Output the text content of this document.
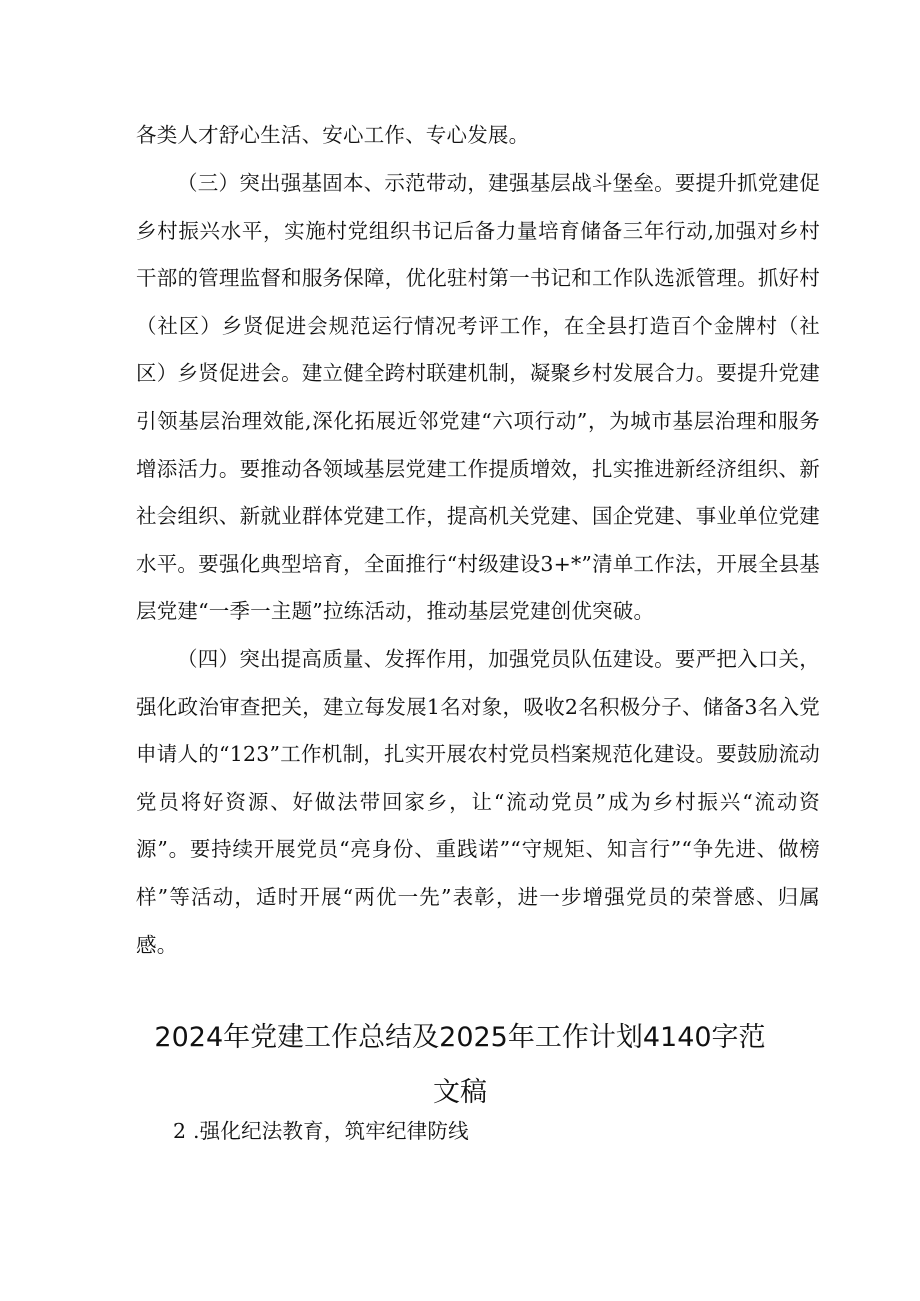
各类人才舒心生活、安心工作、专心发展。

（三）突出强基固本、示范带动，建强基层战斗堡垒。要提升抓党建促乡村振兴水平，实施村党组织书记后备力量培育储备三年行动,加强对乡村干部的管理监督和服务保障，优化驻村第一书记和工作队选派管理。抓好村（社区）乡贤促进会规范运行情况考评工作，在全县打造百个金牌村（社区）乡贤促进会。建立健全跨村联建机制，凝聚乡村发展合力。要提升党建引领基层治理效能,深化拓展近邻党建“六项行动”，为城市基层治理和服务增添活力。要推动各领域基层党建工作提质增效，扎实推进新经济组织、新社会组织、新就业群体党建工作，提高机关党建、国企党建、事业单位党建水平。要强化典型培育，全面推行“村级建设3+*”清单工作法，开展全县基层党建“一季一主题”拉练活动，推动基层党建创优突破。

（四）突出提高质量、发挥作用，加强党员队伍建设。要严把入口关，强化政治审查把关，建立每发展1名对象，吸收2名积极分子、储备3名入党申请人的“123”工作机制，扎实开展农村党员档案规范化建设。要鼓励流动党员将好资源、好做法带回家乡，让“流动党员”成为乡村振兴“流动资源”。要持续开展党员“亮身份、重践诺”“守规矩、知言行”“争先进、做榜样”等活动，适时开展“两优一先”表彰，进一步增强党员的荣誉感、归属感。

2024年党建工作总结及2025年工作计划4140字范文稿

2 .强化纪法教育，筑牢纪律防线
